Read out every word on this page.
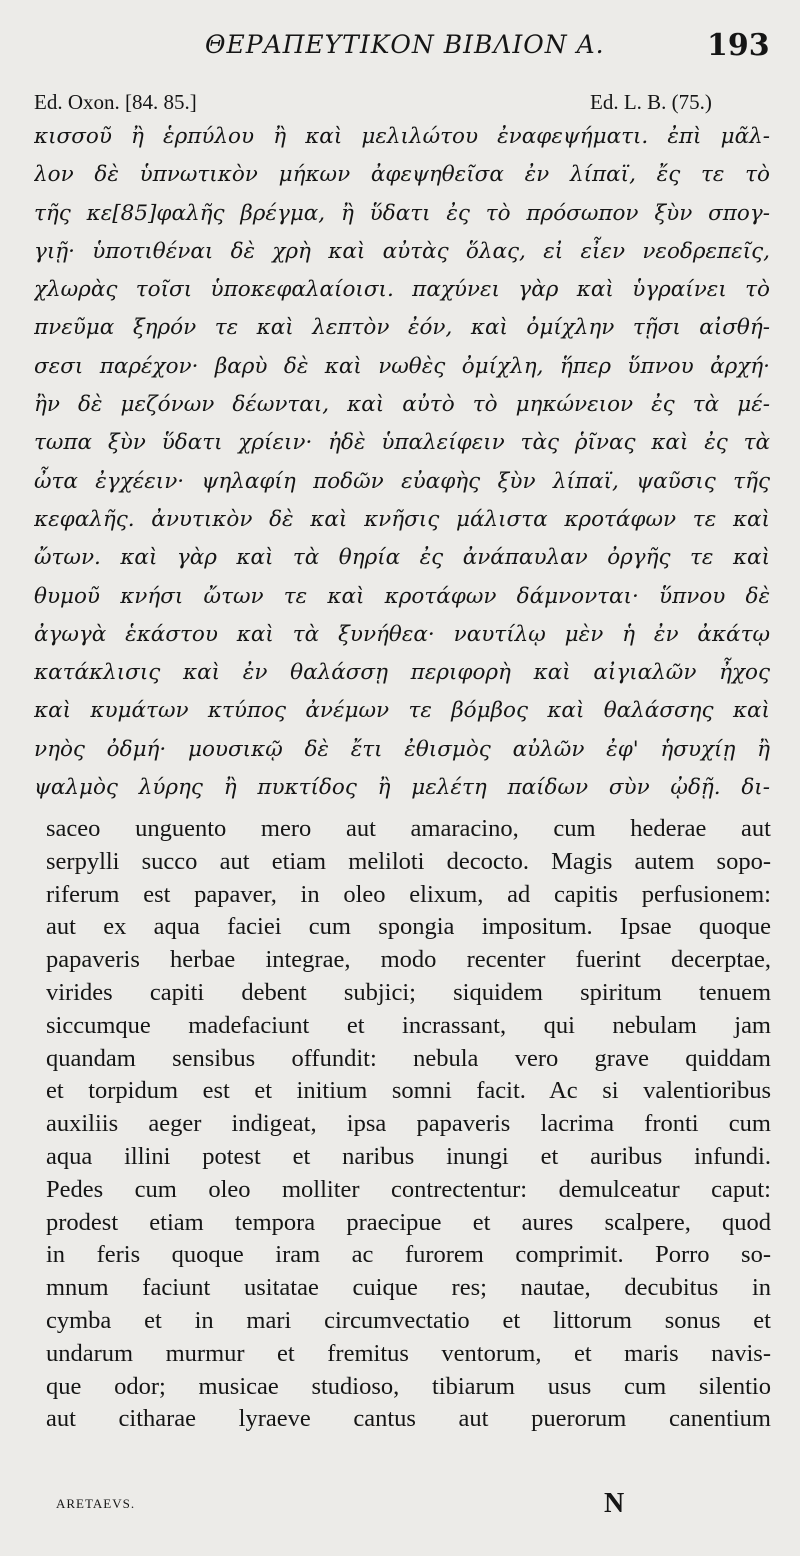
ΘΕΡΑΠΕΥΤΙΚΟΝ ΒΙΒΛΙΟΝ Α.	193
Ed. Oxon. [84. 85.]	Ed. L. B. (75.)
κισσοῦ ἢ ἑρπύλου ἢ καὶ μελιλώτου ἐναφεψήματι. ἐπὶ μᾶλ-
λον δὲ ὑπνωτικὸν μήκων ἀφεψηθεῖσα ἐν λίπαϊ, ἔς τε τὸ
τῆς κε[85]φαλῆς βρέγμα, ἢ ὕδατι ἐς τὸ πρόσωπον ξὺν σπογ-
γιῇ· ὑποτιθέναι δὲ χρὴ καὶ αὐτὰς ὅλας, εἰ εἶεν νεοδρεπεῖς,
χλωρὰς τοῖσι ὑποκεφαλαίοισι. παχύνει γὰρ καὶ ὑγραίνει τὸ
πνεῦμα ξηρόν τε καὶ λεπτὸν ἐόν, καὶ ὀμίχλην τῇσι αἰσθή-
σεσι παρέχον· βαρὺ δὲ καὶ νωθὲς ὀμίχλη, ἥπερ ὕπνου ἀρχή·
ἢν δὲ μεζόνων δέωνται, καὶ αὐτὸ τὸ μηκώνειον ἐς τὰ μέ-
τωπα ξὺν ὕδατι χρίειν· ἠδὲ ὑπαλείφειν τὰς ῥῖνας καὶ ἐς τὰ
ὦτα ἐγχέειν· ψηλαφίη ποδῶν εὐαφὴς ξὺν λίπαϊ, ψαῦσις τῆς
κεφαλῆς. ἀνυτικὸν δὲ καὶ κνῆσις μάλιστα κροτάφων τε καὶ
ὤτων. καὶ γὰρ καὶ τὰ θηρία ἐς ἀνάπαυλαν ὀργῆς τε καὶ
θυμοῦ κνήσι ὤτων τε καὶ κροτάφων δάμνονται· ὕπνου δὲ
ἀγωγὰ ἑκάστου καὶ τὰ ξυνήθεα· ναυτίλῳ μὲν ἡ ἐν ἀκάτῳ
κατάκλισις καὶ ἐν θαλάσσῃ περιφορὴ καὶ αἰγιαλῶν ἦχος
καὶ κυμάτων κτύπος ἀνέμων τε βόμβος καὶ θαλάσσης καὶ
νηὸς ὀδμή· μουσικῷ δὲ ἔτι ἐθισμὸς αὐλῶν ἐφ' ἡσυχίῃ ἢ
ψαλμὸς λύρης ἢ πυκτίδος ἢ μελέτη παίδων σὺν ᾠδῇ. δι-
saceo unguento mero aut amaracino, cum hederae aut
serpylli succo aut etiam meliloti decocto. Magis autem sopo-
riferum est papaver, in oleo elixum, ad capitis perfusionem:
aut ex aqua faciei cum spongia impositum. Ipsae quoque
papaveris herbae integrae, modo recenter fuerint decerptae,
virides capiti debent subjici; siquidem spiritum tenuem
siccumque madefaciunt et incrassant, qui nebulam jam
quandam sensibus offundit: nebula vero grave quiddam
et torpidum est et initium somni facit. Ac si valentioribus
auxiliis aeger indigeat, ipsa papaveris lacrima fronti cum
aqua illini potest et naribus inungi et auribus infundi.
Pedes cum oleo molliter contrectentur: demulceatur caput:
prodest etiam tempora praecipue et aures scalpere, quod
in feris quoque iram ac furorem comprimit. Porro so-
mnum faciunt usitatae cuique res; nautae, decubitus in
cymba et in mari circumvectatio et littorum sonus et
undarum murmur et fremitus ventorum, et maris navis-
que odor; musicae studioso, tibiarum usus cum silentio
aut citharae lyraeve cantus aut puerorum canentium
ARETAEVS.	N
